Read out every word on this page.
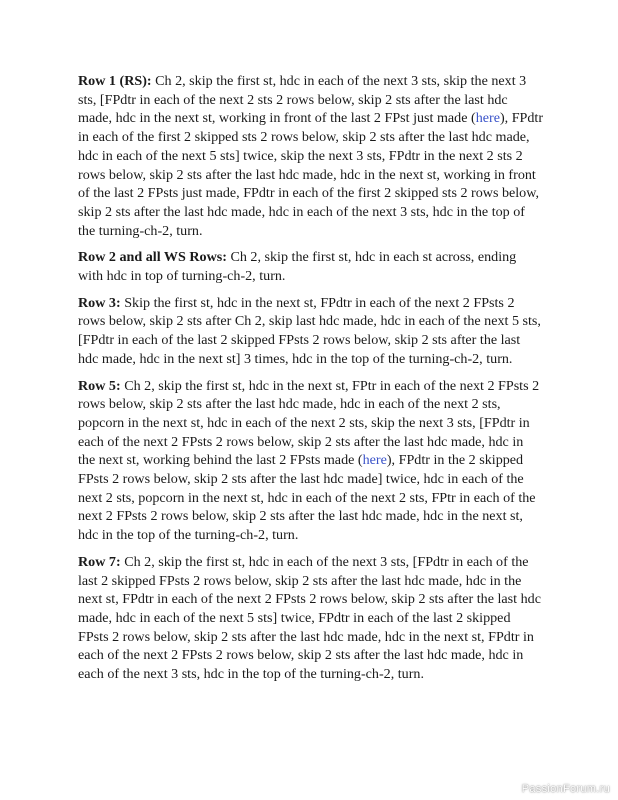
Row 1 (RS): Ch 2, skip the first st, hdc in each of the next 3 sts, skip the next 3 sts, [FPdtr in each of the next 2 sts 2 rows below, skip 2 sts after the last hdc made, hdc in the next st, working in front of the last 2 FPst just made (here), FPdtr in each of the first 2 skipped sts 2 rows below, skip 2 sts after the last hdc made, hdc in each of the next 5 sts] twice, skip the next 3 sts, FPdtr in the next 2 sts 2 rows below, skip 2 sts after the last hdc made, hdc in the next st, working in front of the last 2 FPsts just made, FPdtr in each of the first 2 skipped sts 2 rows below, skip 2 sts after the last hdc made, hdc in each of the next 3 sts, hdc in the top of the turning-ch-2, turn.

Row 2 and all WS Rows: Ch 2, skip the first st, hdc in each st across, ending with hdc in top of turning-ch-2, turn.

Row 3: Skip the first st, hdc in the next st, FPdtr in each of the next 2 FPsts 2 rows below, skip 2 sts after Ch 2, skip last hdc made, hdc in each of the next 5 sts, [FPdtr in each of the last 2 skipped FPsts 2 rows below, skip 2 sts after the last hdc made, hdc in the next st] 3 times, hdc in the top of the turning-ch-2, turn.

Row 5: Ch 2, skip the first st, hdc in the next st, FPtr in each of the next 2 FPsts 2 rows below, skip 2 sts after the last hdc made, hdc in each of the next 2 sts, popcorn in the next st, hdc in each of the next 2 sts, skip the next 3 sts, [FPdtr in each of the next 2 FPsts 2 rows below, skip 2 sts after the last hdc made, hdc in the next st, working behind the last 2 FPsts made (here), FPdtr in the 2 skipped FPsts 2 rows below, skip 2 sts after the last hdc made] twice, hdc in each of the next 2 sts, popcorn in the next st, hdc in each of the next 2 sts, FPtr in each of the next 2 FPsts 2 rows below, skip 2 sts after the last hdc made, hdc in the next st, hdc in the top of the turning-ch-2, turn.

Row 7: Ch 2, skip the first st, hdc in each of the next 3 sts, [FPdtr in each of the last 2 skipped FPsts 2 rows below, skip 2 sts after the last hdc made, hdc in the next st, FPdtr in each of the next 2 FPsts 2 rows below, skip 2 sts after the last hdc made, hdc in each of the next 5 sts] twice, FPdtr in each of the last 2 skipped FPsts 2 rows below, skip 2 sts after the last hdc made, hdc in the next st, FPdtr in each of the next 2 FPsts 2 rows below, skip 2 sts after the last hdc made, hdc in each of the next 3 sts, hdc in the top of the turning-ch-2, turn.

PassionForum.ru
